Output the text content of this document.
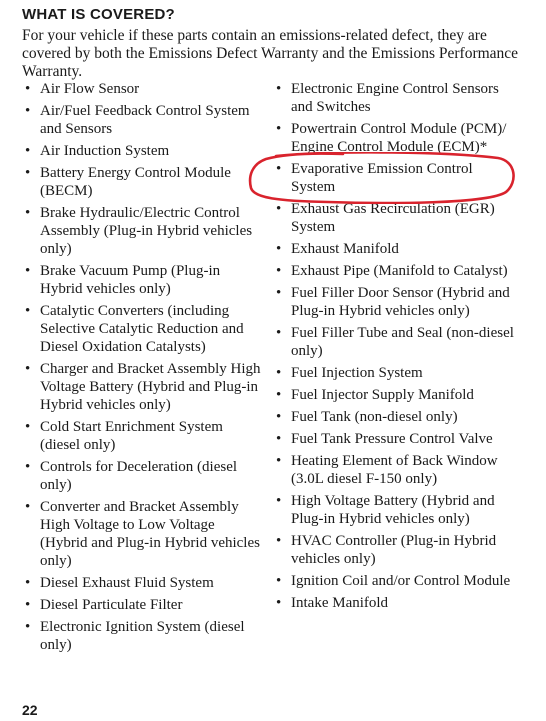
WHAT IS COVERED?
For your vehicle if these parts contain an emissions-related defect, they are covered by both the Emissions Defect Warranty and the Emissions Performance Warranty.
• Air Flow Sensor
• Air/Fuel Feedback Control System and Sensors
• Air Induction System
• Battery Energy Control Module (BECM)
• Brake Hydraulic/Electric Control Assembly (Plug-in Hybrid vehicles only)
• Brake Vacuum Pump (Plug-in Hybrid vehicles only)
• Catalytic Converters (including Selective Catalytic Reduction and Diesel Oxidation Catalysts)
• Charger and Bracket Assembly High Voltage Battery (Hybrid and Plug-in Hybrid vehicles only)
• Cold Start Enrichment System (diesel only)
• Controls for Deceleration (diesel only)
• Converter and Bracket Assembly High Voltage to Low Voltage (Hybrid and Plug-in Hybrid vehicles only)
• Diesel Exhaust Fluid System
• Diesel Particulate Filter
• Electronic Ignition System (diesel only)
• Electronic Engine Control Sensors and Switches
• Powertrain Control Module (PCM)/ Engine Control Module (ECM)*
• Evaporative Emission Control System
• Exhaust Gas Recirculation (EGR) System
• Exhaust Manifold
• Exhaust Pipe (Manifold to Catalyst)
• Fuel Filler Door Sensor (Hybrid and Plug-in Hybrid vehicles only)
• Fuel Filler Tube and Seal (non-diesel only)
• Fuel Injection System
• Fuel Injector Supply Manifold
• Fuel Tank (non-diesel only)
• Fuel Tank Pressure Control Valve
• Heating Element of Back Window (3.0L diesel F-150 only)
• High Voltage Battery (Hybrid and Plug-in Hybrid vehicles only)
• HVAC Controller (Plug-in Hybrid vehicles only)
• Ignition Coil and/or Control Module
• Intake Manifold
22
